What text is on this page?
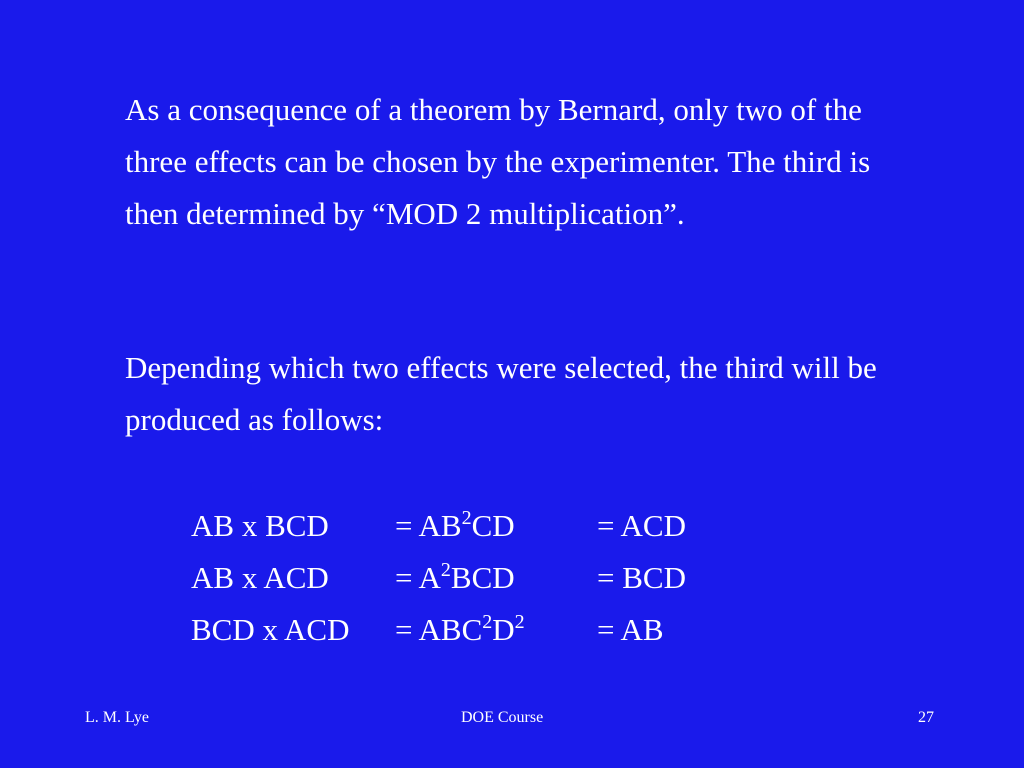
As a consequence of a theorem by Bernard, only two of the three effects can be chosen by the experimenter. The third is then determined by “MOD 2 multiplication”.

Depending which two effects were selected, the third will be produced as follows:

AB x BCD = $AB^2CD$	= ACD
AB x ACD = $A^2BCD$	= BCD
BCD x ACD = $ABC^2D^2$ = AB
L. M. Lye	DOE Course	27
